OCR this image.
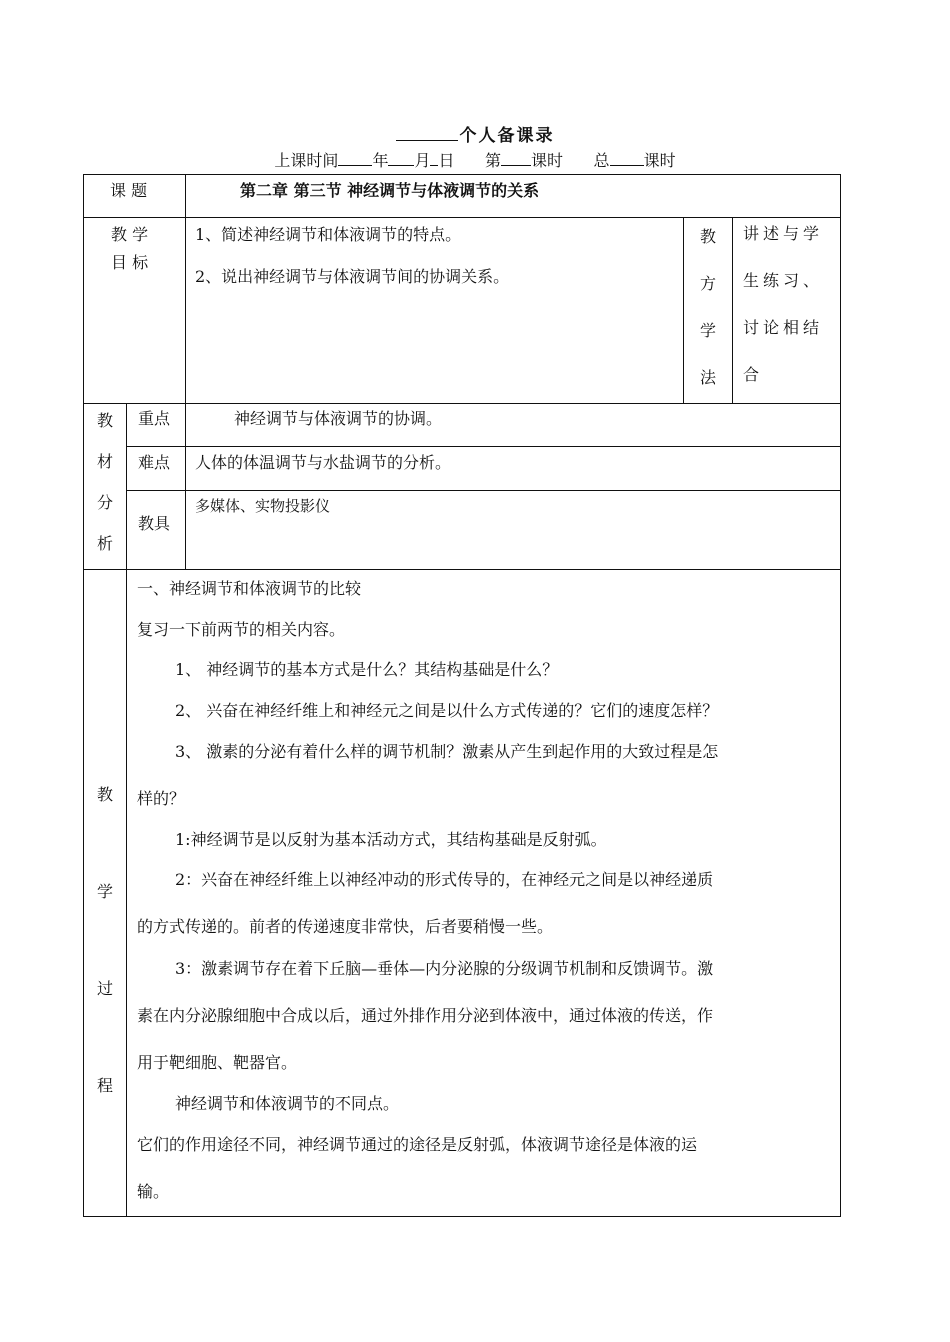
个人备课录
上课时间 年 月 日 第 课时 总 课时
课 题	第二章 第三节 神经调节与体液调节的关系
教 学
目 标
1、简述神经调节和体液调节的特点。
2、说出神经调节与体液调节间的协调关系。
教
方
学
法
讲述与学
生练习、
讨论相结
合
教
材
分
析
重点	神经调节与体液调节的协调。
难点 人体的体温调节与水盐调节的分析。
教具
多媒体、实物投影仪
教
学
过
程
一、神经调节和体液调节的比较
复习一下前两节的相关内容。
1、 神经调节的基本方式是什么？其结构基础是什么？
2、 兴奋在神经纤维上和神经元之间是以什么方式传递的？它们的速度怎样？
3、 激素的分泌有着什么样的调节机制？激素从产生到起作用的大致过程是怎
样的？
1:神经调节是以反射为基本活动方式，其结构基础是反射弧。
2：兴奋在神经纤维上以神经冲动的形式传导的，在神经元之间是以神经递质
的方式传递的。前者的传递速度非常快，后者要稍慢一些。
3：激素调节存在着下丘脑—垂体—内分泌腺的分级调节机制和反馈调节。激
素在内分泌腺细胞中合成以后，通过外排作用分泌到体液中，通过体液的传送，作
用于靶细胞、靶器官。
神经调节和体液调节的不同点。
它们的作用途径不同，神经调节通过的途径是反射弧，体液调节途径是体液的运
输。
